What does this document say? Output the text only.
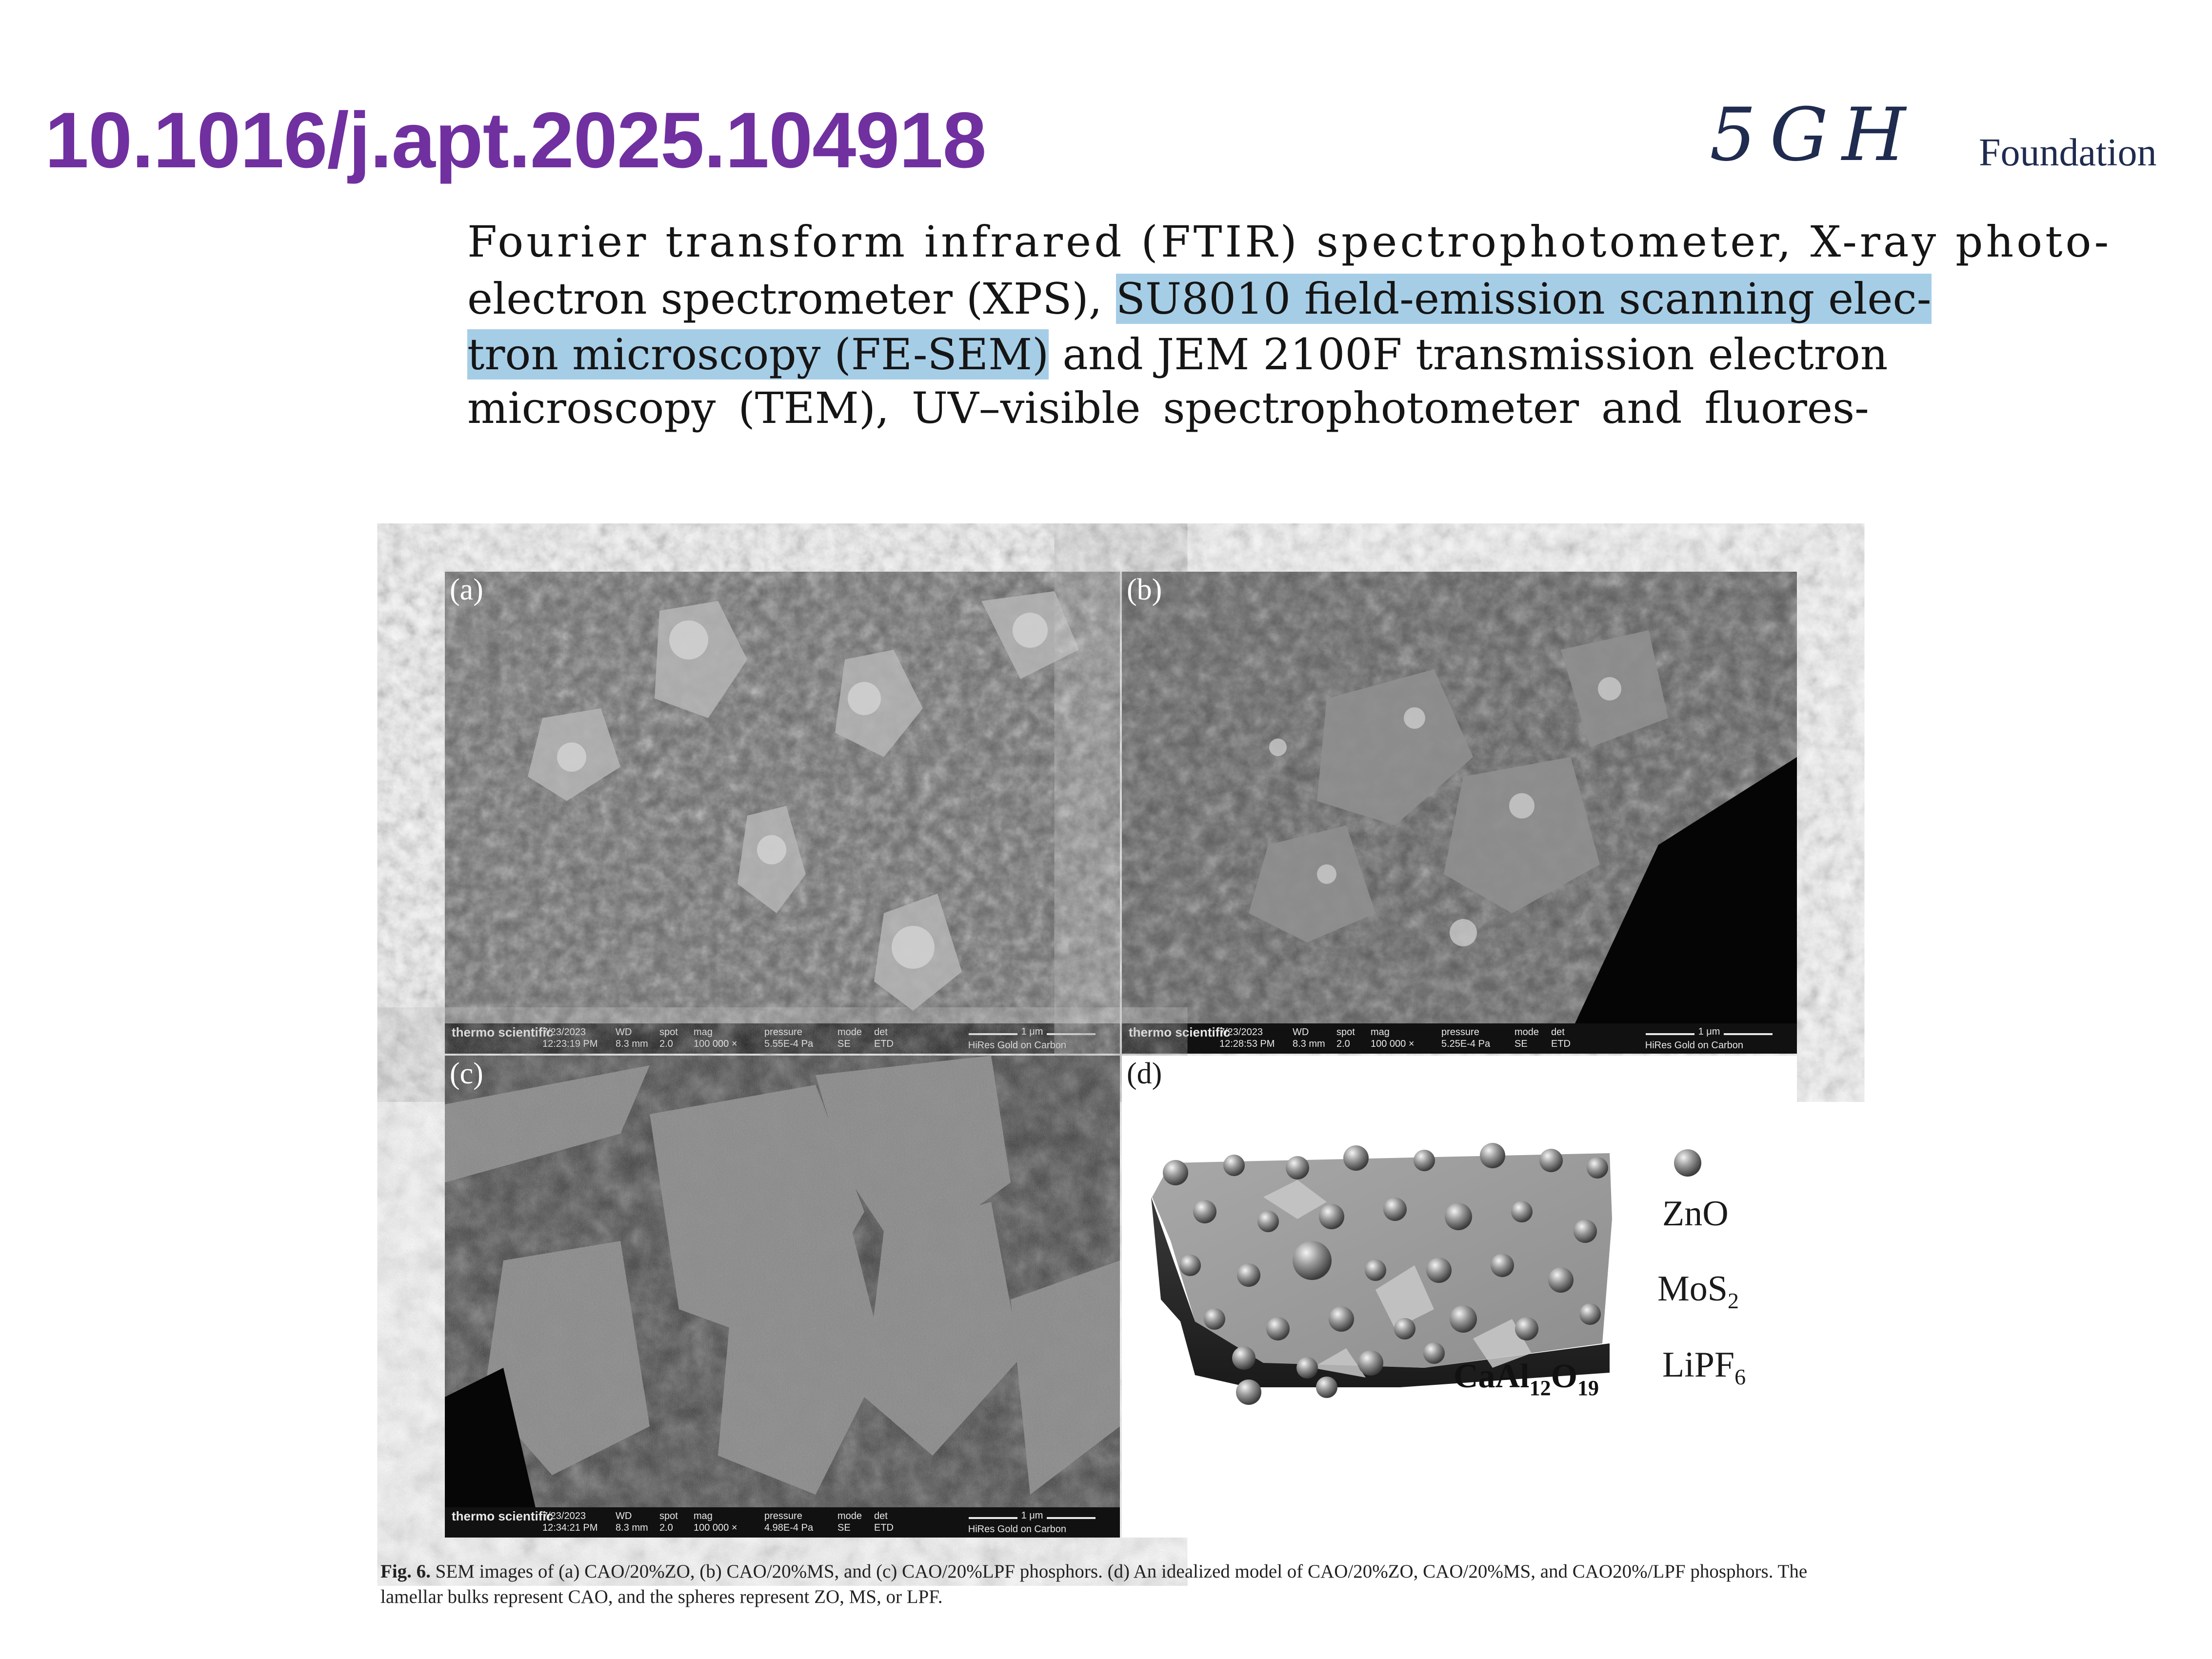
10.1016/j.apt.2025.104918	5GH Foundation
Fourier transform infrared (FTIR) spectrophotometer, X-ray photo-
electron spectrometer (XPS), SU8010 field-emission scanning elec-
tron microscopy (FE-SEM) and JEM 2100F transmission electron
microscopy (TEM), UV–visible spectrophotometer and fluores-
(a)
thermo scientific
7/23/2023
12:23:19 PM
WD
8.3 mm
spot
2.0
mag
100 000 ×
pressure
5.55E-4 Pa
mode
SE
det
ETD
1 μm
HiRes Gold on Carbon
(b)
thermo scientific
7/23/2023
12:28:53 PM
WD
8.3 mm
spot
2.0
mag
100 000 ×
pressure
5.25E-4 Pa
mode
SE
det
ETD
1 μm
HiRes Gold on Carbon
(c)
thermo scientific
7/23/2023
12:34:21 PM
WD
8.3 mm
spot
2.0
mag
100 000 ×
pressure
4.98E-4 Pa
mode
SE
det
ETD
1 μm
HiRes Gold on Carbon
(d)
$CaAl_{12}O_{19}$
ZnO
MoS$_2$
LiPF$_6$
Fig. 6. SEM images of (a) CAO/20%ZO, (b) CAO/20%MS, and (c) CAO/20%LPF phosphors. (d) An idealized model of CAO/20%ZO, CAO/20%MS, and CAO20%/LPF phosphors. The
lamellar bulks represent CAO, and the spheres represent ZO, MS, or LPF.
